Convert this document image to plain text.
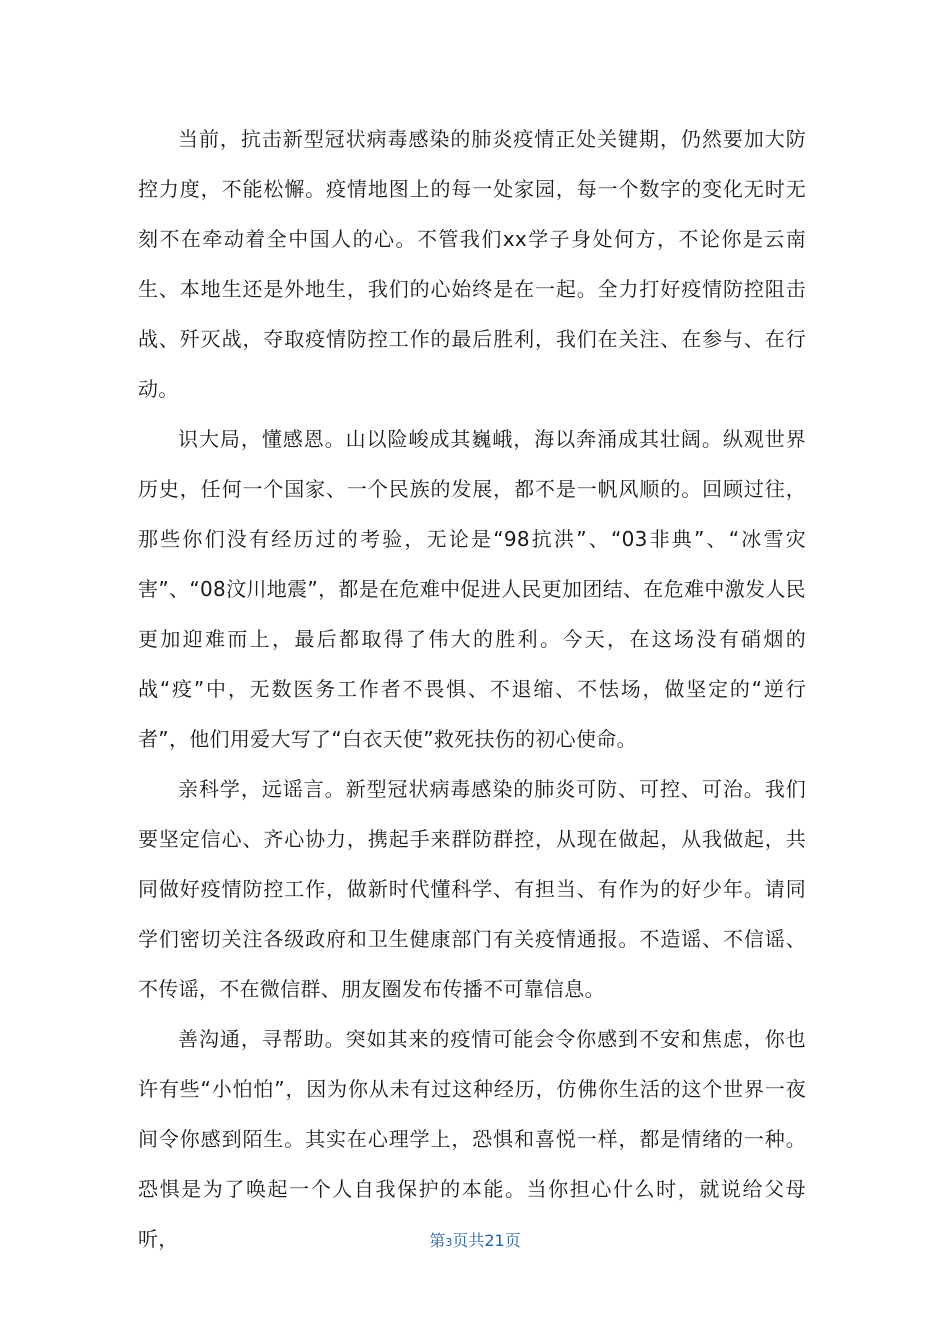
当前，抗击新型冠状病毒感染的肺炎疫情正处关键期，仍然要加大防控力度，不能松懈。疫情地图上的每一处家园，每一个数字的变化无时无刻不在牵动着全中国人的心。不管我们xx学子身处何方，不论你是云南生、本地生还是外地生，我们的心始终是在一起。全力打好疫情防控阻击战、歼灭战，夺取疫情防控工作的最后胜利，我们在关注、在参与、在行动。

识大局，懂感恩。山以险峻成其巍峨，海以奔涌成其壮阔。纵观世界历史，任何一个国家、一个民族的发展，都不是一帆风顺的。回顾过往，那些你们没有经历过的考验，无论是“98抗洪”、“03非典”、“冰雪灾害”、“08汶川地震”，都是在危难中促进人民更加团结、在危难中激发人民更加迎难而上，最后都取得了伟大的胜利。今天，在这场没有硝烟的战“疫”中，无数医务工作者不畏惧、不退缩、不怯场，做坚定的“逆行者”，他们用爱大写了“白衣天使”救死扶伤的初心使命。

亲科学，远谣言。新型冠状病毒感染的肺炎可防、可控、可治。我们要坚定信心、齐心协力，携起手来群防群控，从现在做起，从我做起，共同做好疫情防控工作，做新时代懂科学、有担当、有作为的好少年。请同学们密切关注各级政府和卫生健康部门有关疫情通报。不造谣、不信谣、不传谣，不在微信群、朋友圈发布传播不可靠信息。

善沟通，寻帮助。突如其来的疫情可能会令你感到不安和焦虑，你也许有些“小怕怕”，因为你从未有过这种经历，仿佛你生活的这个世界一夜间令你感到陌生。其实在心理学上，恐惧和喜悦一样，都是情绪的一种。恐惧是为了唤起一个人自我保护的本能。当你担心什么时，就说给父母听，	第3页共21页
